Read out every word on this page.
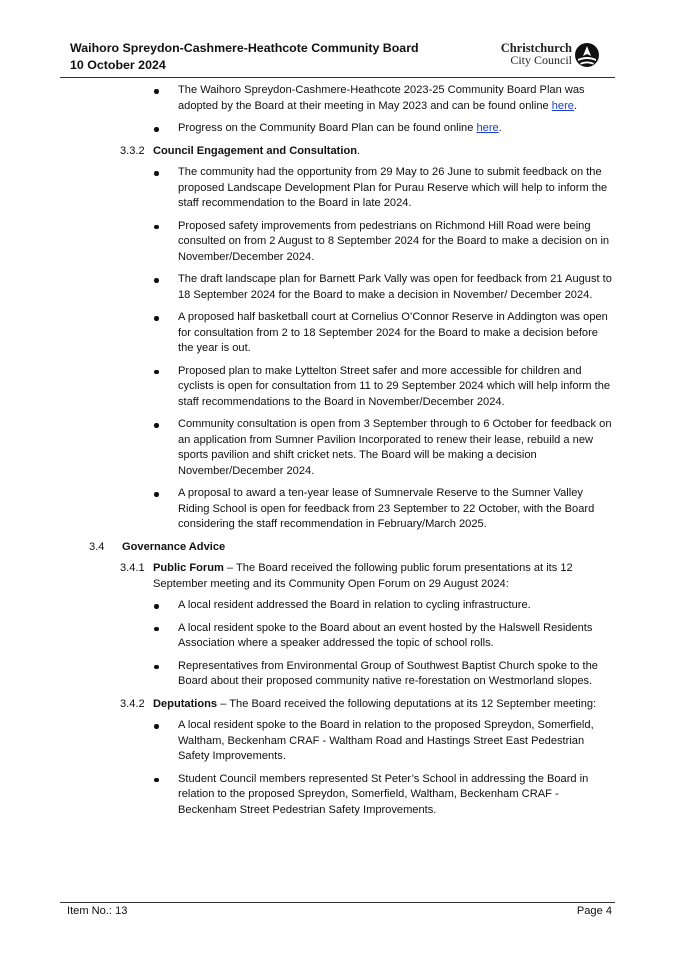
Waihoro Spreydon-Cashmere-Heathcote Community Board
10 October 2024
Christchurch
City Council
The Waihoro Spreydon-Cashmere-Heathcote 2023-25 Community Board Plan was adopted by the Board at their meeting in May 2023 and can be found online here.
Progress on the Community Board Plan can be found online here.
3.3.2 Council Engagement and Consultation.
The community had the opportunity from 29 May to 26 June to submit feedback on the proposed Landscape Development Plan for Purau Reserve which will help to inform the staff recommendation to the Board in late 2024.
Proposed safety improvements from pedestrians on Richmond Hill Road were being consulted on from 2 August to 8 September 2024 for the Board to make a decision on in November/December 2024.
The draft landscape plan for Barnett Park Vally was open for feedback from 21 August to 18 September 2024 for the Board to make a decision in November/ December 2024.
A proposed half basketball court at Cornelius O’Connor Reserve in Addington was open for consultation from 2 to 18 September 2024 for the Board to make a decision before the year is out.
Proposed plan to make Lyttelton Street safer and more accessible for children and cyclists is open for consultation from 11 to 29 September 2024 which will help inform the staff recommendations to the Board in November/December 2024.
Community consultation is open from 3 September through to 6 October for feedback on an application from Sumner Pavilion Incorporated to renew their lease, rebuild a new sports pavilion and shift cricket nets. The Board will be making a decision November/December 2024.
A proposal to award a ten-year lease of Sumnervale Reserve to the Sumner Valley Riding School is open for feedback from 23 September to 22 October, with the Board considering the staff recommendation in February/March 2025.
3.4 Governance Advice
3.4.1 Public Forum – The Board received the following public forum presentations at its 12 September meeting and its Community Open Forum on 29 August 2024:
A local resident addressed the Board in relation to cycling infrastructure.
A local resident spoke to the Board about an event hosted by the Halswell Residents Association where a speaker addressed the topic of school rolls.
Representatives from Environmental Group of Southwest Baptist Church spoke to the Board about their proposed community native re-forestation on Westmorland slopes.
3.4.2 Deputations – The Board received the following deputations at its 12 September meeting:
A local resident spoke to the Board in relation to the proposed Spreydon, Somerfield, Waltham, Beckenham CRAF - Waltham Road and Hastings Street East Pedestrian Safety Improvements.
Student Council members represented St Peter’s School in addressing the Board in relation to the proposed Spreydon, Somerfield, Waltham, Beckenham CRAF - Beckenham Street Pedestrian Safety Improvements.
Item No.: 13	Page 4
